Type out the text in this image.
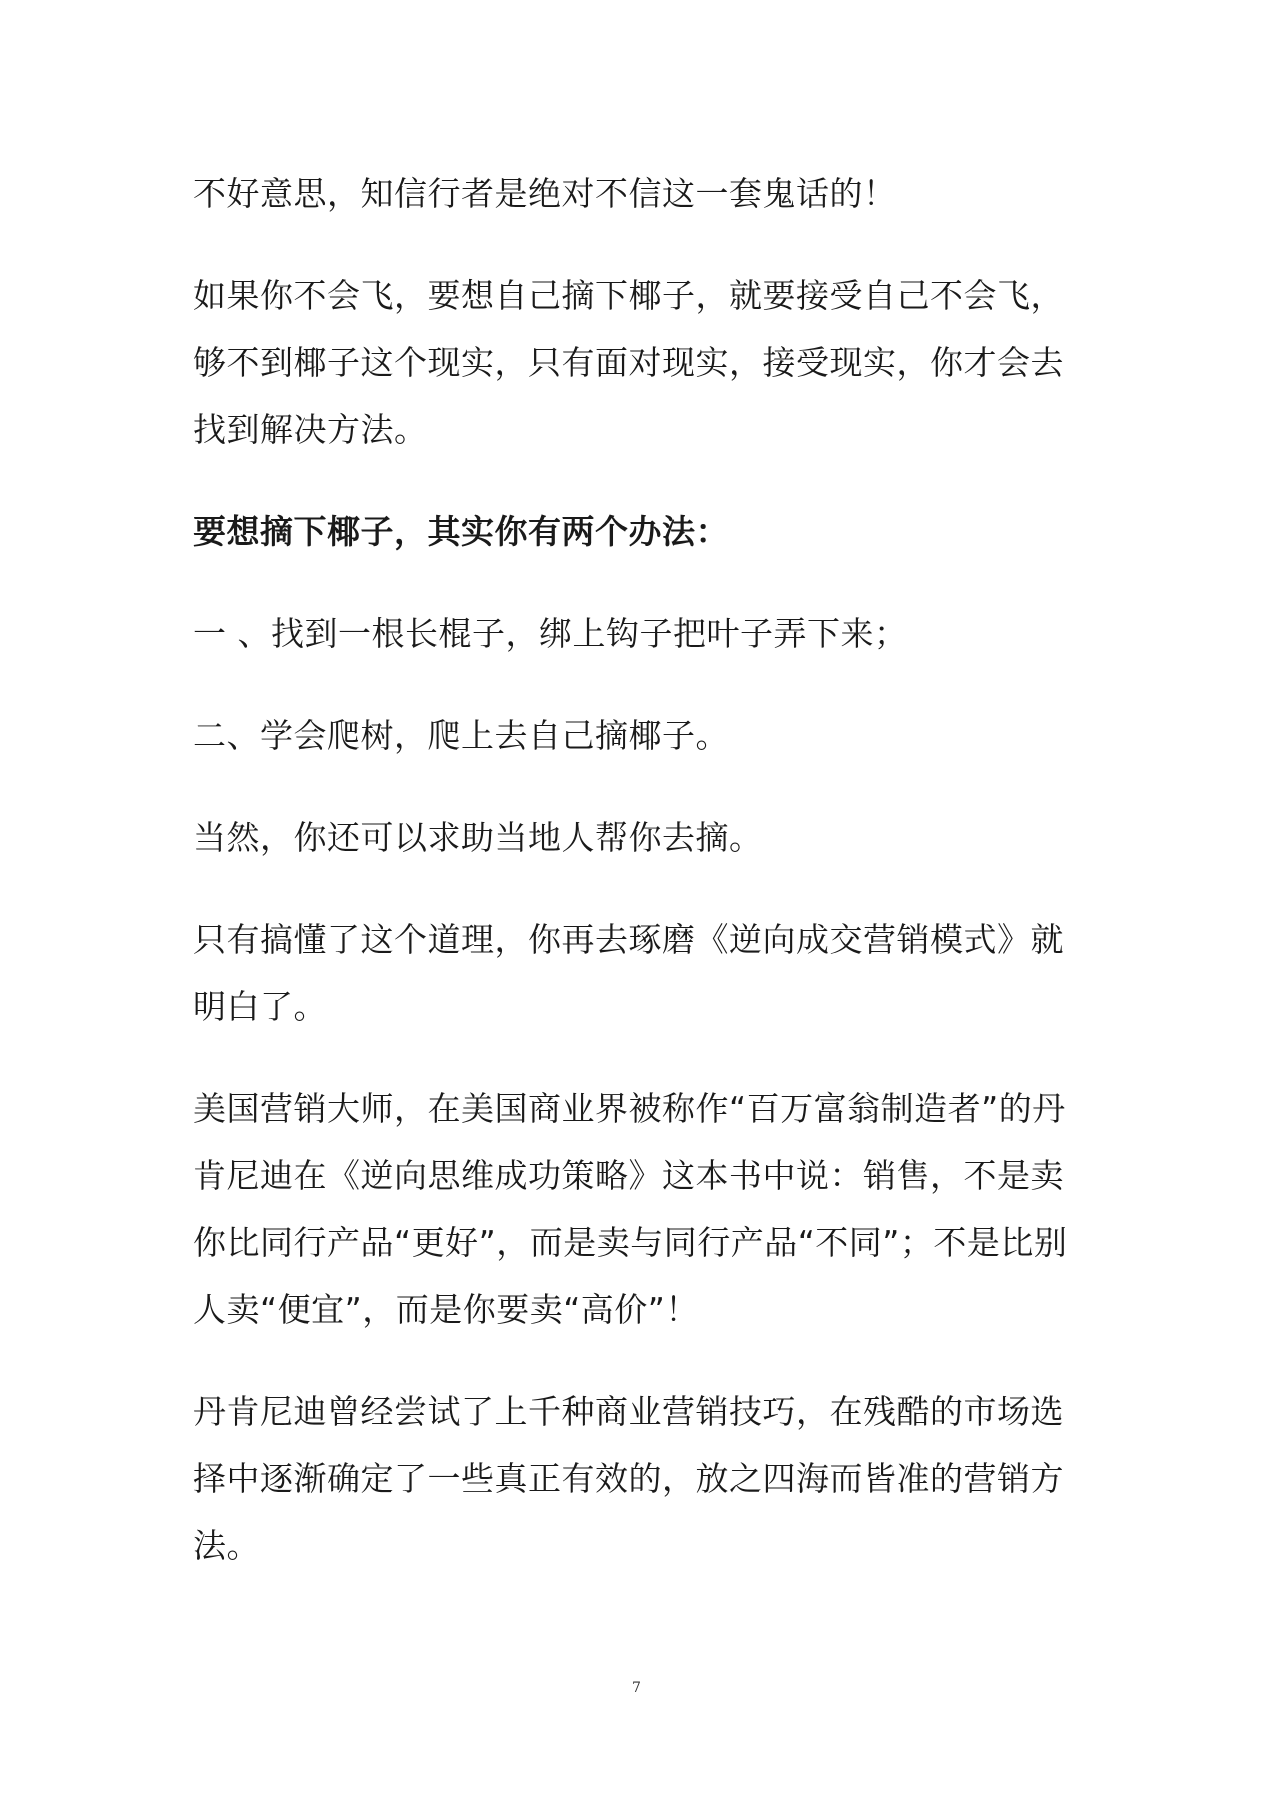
不好意思，知信行者是绝对不信这一套鬼话的！

如果你不会飞，要想自己摘下椰子，就要接受自己不会飞，够不到椰子这个现实，只有面对现实，接受现实，你才会去找到解决方法。

要想摘下椰子，其实你有两个办法：

一 、找到一根长棍子，绑上钩子把叶子弄下来；

二、学会爬树，爬上去自己摘椰子。

当然，你还可以求助当地人帮你去摘。

只有搞懂了这个道理，你再去琢磨《逆向成交营销模式》就明白了。

美国营销大师，在美国商业界被称作“百万富翁制造者”的丹肯尼迪在《逆向思维成功策略》这本书中说：销售，不是卖你比同行产品“更好”，而是卖与同行产品“不同”；不是比别人卖“便宜”，而是你要卖“高价”！

丹肯尼迪曾经尝试了上千种商业营销技巧，在残酷的市场选择中逐渐确定了一些真正有效的，放之四海而皆准的营销方法。

7
